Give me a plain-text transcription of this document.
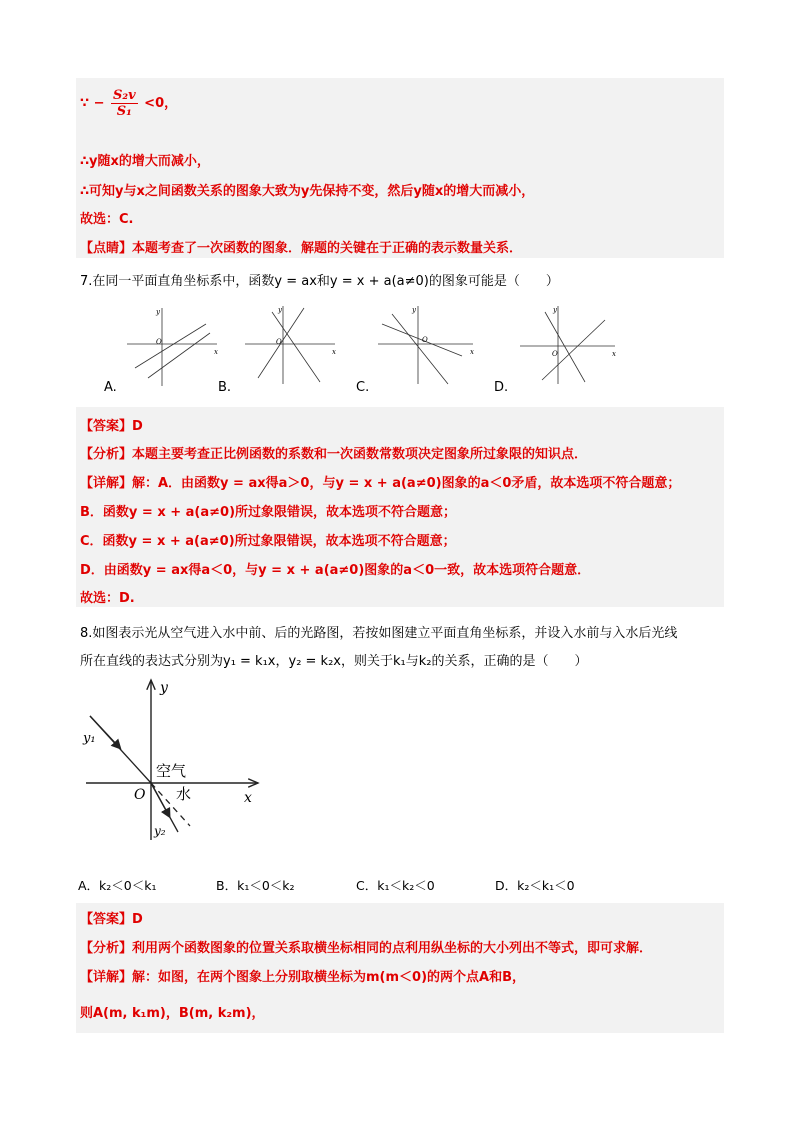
∵ − $\frac{\text{S₂v}}{\text{S₁}} <0$，
∴y随x的增大而减小，
∴可知y与x之间函数关系的图象大致为y先保持不变，然后y随x的增大而减小，
故选：C.
【点睛】本题考查了一次函数的图象．解题的关键在于正确的表示数量关系．
7.在同一平面直角坐标系中，函数y = ax和y = x + a(a≠0)的图象可能是（　　）
y
O
x
y
O
x
y
O
x
y
O	x
A.	B.	C.	D.
【答案】D
【分析】本题主要考查正比例函数的系数和一次函数常数项决定图象所过象限的知识点．
【详解】解：A．由函数y = ax得a＞0，与y = x + a(a≠0)图象的a＜0矛盾，故本选项不符合题意；
B．函数y = x + a(a≠0)所过象限错误，故本选项不符合题意；
C．函数y = x + a(a≠0)所过象限错误，故本选项不符合题意；
D．由函数y = ax得a＜0，与y = x + a(a≠0)图象的a＜0一致，故本选项符合题意．
故选：D.
8.如图表示光从空气进入水中前、后的光路图，若按如图建立平面直角坐标系，并设入水前与入水后光线
所在直线的表达式分别为y₁ = k₁x，y₂ = k₂x，则关于k₁与k₂的关系，正确的是（　　）
y
x
O
y₁
y₂
空气
水
A．k₂＜0＜k₁	B．k₁＜0＜k₂	C．k₁＜k₂＜0	D．k₂＜k₁＜0
【答案】D
【分析】利用两个函数图象的位置关系取横坐标相同的点利用纵坐标的大小列出不等式，即可求解．
【详解】解：如图，在两个图象上分别取横坐标为m(m＜0)的两个点A和B，
则A(m, k₁m)，B(m, k₂m)，
